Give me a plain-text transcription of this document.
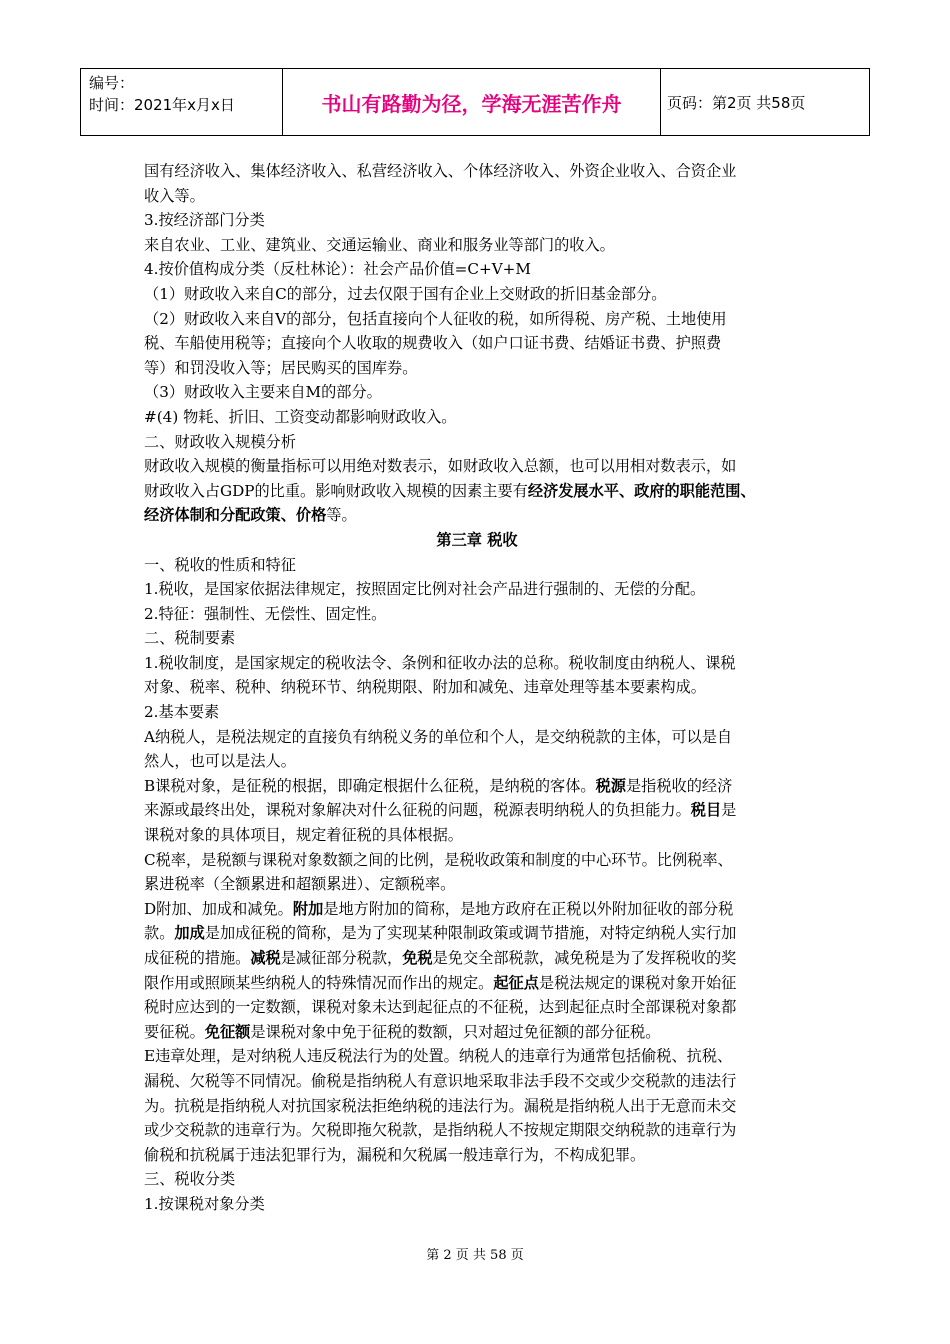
编号：
时间：2021年x月x日	书山有路勤为径，学海无涯苦作舟	页码：第2页 共58页

国有经济收入、集体经济收入、私营经济收入、个体经济收入、外资企业收入、合资企业

收入等。

3.按经济部门分类

来自农业、工业、建筑业、交通运输业、商业和服务业等部门的收入。

4.按价值构成分类（反杜林论）：社会产品价值=C+V+M

（1）财政收入来自C的部分，过去仅限于国有企业上交财政的折旧基金部分。

（2）财政收入来自V的部分，包括直接向个人征收的税，如所得税、房产税、土地使用

税、车船使用税等；直接向个人收取的规费收入（如户口证书费、结婚证书费、护照费

等）和罚没收入等；居民购买的国库券。

（3）财政收入主要来自M的部分。

#(4) 物耗、折旧、工资变动都影响财政收入。

二、财政收入规模分析

财政收入规模的衡量指标可以用绝对数表示，如财政收入总额，也可以用相对数表示，如

财政收入占GDP的比重。影响财政收入规模的因素主要有经济发展水平、政府的职能范围、

经济体制和分配政策、价格等。

第三章 税收

一、税收的性质和特征

1.税收，是国家依据法律规定，按照固定比例对社会产品进行强制的、无偿的分配。

2.特征：强制性、无偿性、固定性。

二、税制要素

1.税收制度，是国家规定的税收法令、条例和征收办法的总称。税收制度由纳税人、课税

对象、税率、税种、纳税环节、纳税期限、附加和减免、违章处理等基本要素构成。

2.基本要素

A纳税人，是税法规定的直接负有纳税义务的单位和个人，是交纳税款的主体，可以是自

然人，也可以是法人。

B课税对象，是征税的根据，即确定根据什么征税，是纳税的客体。税源是指税收的经济

来源或最终出处，课税对象解决对什么征税的问题，税源表明纳税人的负担能力。税目是

课税对象的具体项目，规定着征税的具体根据。

C税率，是税额与课税对象数额之间的比例，是税收政策和制度的中心环节。比例税率、

累进税率（全额累进和超额累进）、定额税率。

D附加、加成和减免。附加是地方附加的简称，是地方政府在正税以外附加征收的部分税

款。加成是加成征税的简称，是为了实现某种限制政策或调节措施，对特定纳税人实行加

成征税的措施。减税是减征部分税款，免税是免交全部税款，减免税是为了发挥税收的奖

限作用或照顾某些纳税人的特殊情况而作出的规定。起征点是税法规定的课税对象开始征

税时应达到的一定数额，课税对象未达到起征点的不征税，达到起征点时全部课税对象都

要征税。免征额是课税对象中免于征税的数额，只对超过免征额的部分征税。

E违章处理，是对纳税人违反税法行为的处置。纳税人的违章行为通常包括偷税、抗税、

漏税、欠税等不同情况。偷税是指纳税人有意识地采取非法手段不交或少交税款的违法行

为。抗税是指纳税人对抗国家税法拒绝纳税的违法行为。漏税是指纳税人出于无意而未交

或少交税款的违章行为。欠税即拖欠税款，是指纳税人不按规定期限交纳税款的违章行为

偷税和抗税属于违法犯罪行为，漏税和欠税属一般违章行为，不构成犯罪。

三、税收分类

1.按课税对象分类

第 2 页 共 58 页
